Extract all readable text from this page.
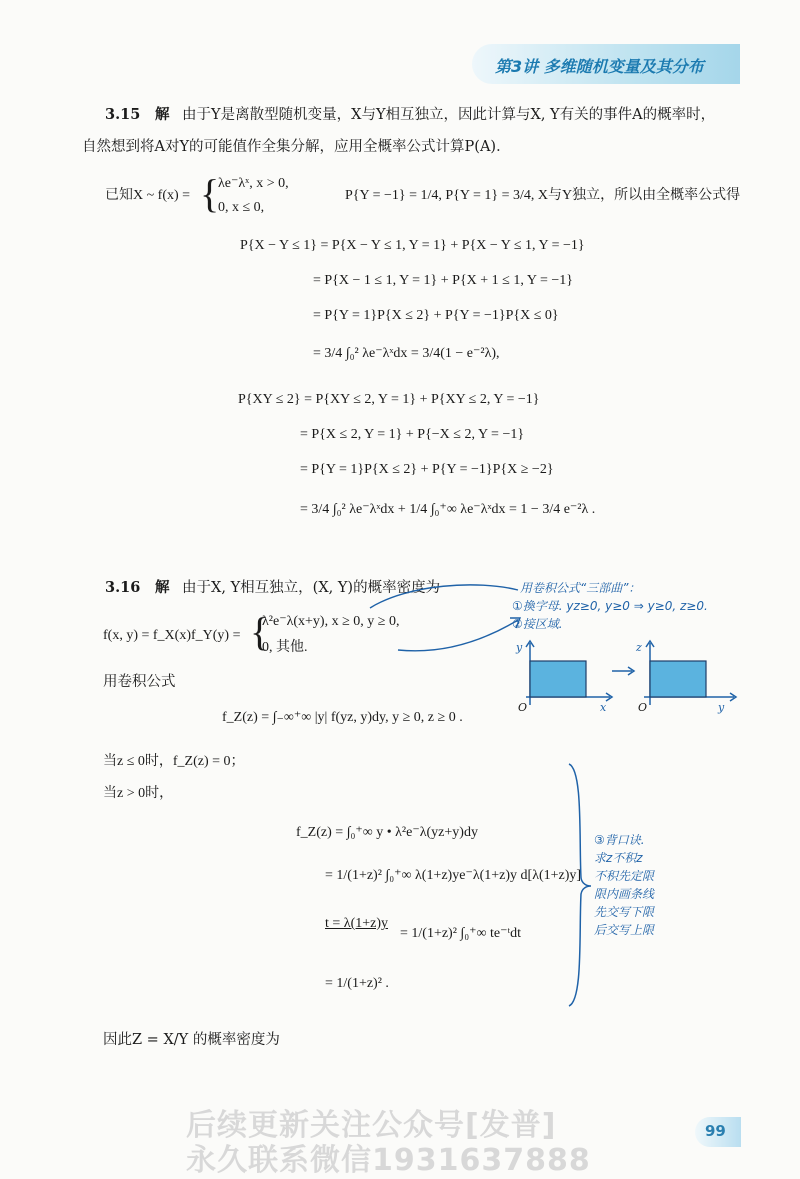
第3讲 多维随机变量及其分布
3.15 解 由于Y是离散型随机变量，X与Y相互独立，因此计算与X, Y有关的事件A的概率时，
自然想到将A对Y的可能值作全集分解，应用全概率公式计算P(A)．
已知X ~ f(x) = {
λe⁻λˣ, x > 0,
0, x ≤ 0,
P{Y = −1} = 1/4, P{Y = 1} = 3/4, X与Y独立，所以由全概率公式得
P{X − Y ≤ 1} = P{X − Y ≤ 1, Y = 1} + P{X − Y ≤ 1, Y = −1}
= P{X − 1 ≤ 1, Y = 1} + P{X + 1 ≤ 1, Y = −1}
= P{Y = 1}P{X ≤ 2} + P{Y = −1}P{X ≤ 0}
= 3/4 ∫₀² λe⁻λˣdx = 3/4(1 − e⁻²λ),
P{XY ≤ 2} = P{XY ≤ 2, Y = 1} + P{XY ≤ 2, Y = −1}
= P{X ≤ 2, Y = 1} + P{−X ≤ 2, Y = −1}
= P{Y = 1}P{X ≤ 2} + P{Y = −1}P{X ≥ −2}
= 3/4 ∫₀² λe⁻λˣdx + 1/4 ∫₀⁺∞ λe⁻λˣdx = 1 − 3/4 e⁻²λ .
3.16 解 由于X, Y相互独立，(X, Y)的概率密度为
f(x, y) = f_X(x)f_Y(y) = {
λ²e⁻λ(x+y), x ≥ 0, y ≥ 0,
0, 其他.
用卷积公式
f_Z(z) = ∫₋∞⁺∞ |y| f(yz, y)dy, y ≥ 0, z ≥ 0 .
当z ≤ 0时，f_Z(z) = 0；
当z > 0时，
f_Z(z) = ∫₀⁺∞ y • λ²e⁻λ(yz+y)dy
= 1/(1+z)² ∫₀⁺∞ λ(1+z)ye⁻λ(1+z)y d[λ(1+z)y]
t = λ(1+z)y
= 1/(1+z)² ∫₀⁺∞ te⁻ᵗdt
= 1/(1+z)² .
因此Z = X/Y 的概率密度为
用卷积公式“三部曲”：
①換字母. yz≥0, y≥0 ⇒ y≥0, z≥0.
②接区域.
y
x
O
z
y
O
③背口诀.
求z不积z
不积先定限
限内画条线
先交写下限
后交写上限
后续更新关注公众号[发普]
永久联系微信1931637888
99
